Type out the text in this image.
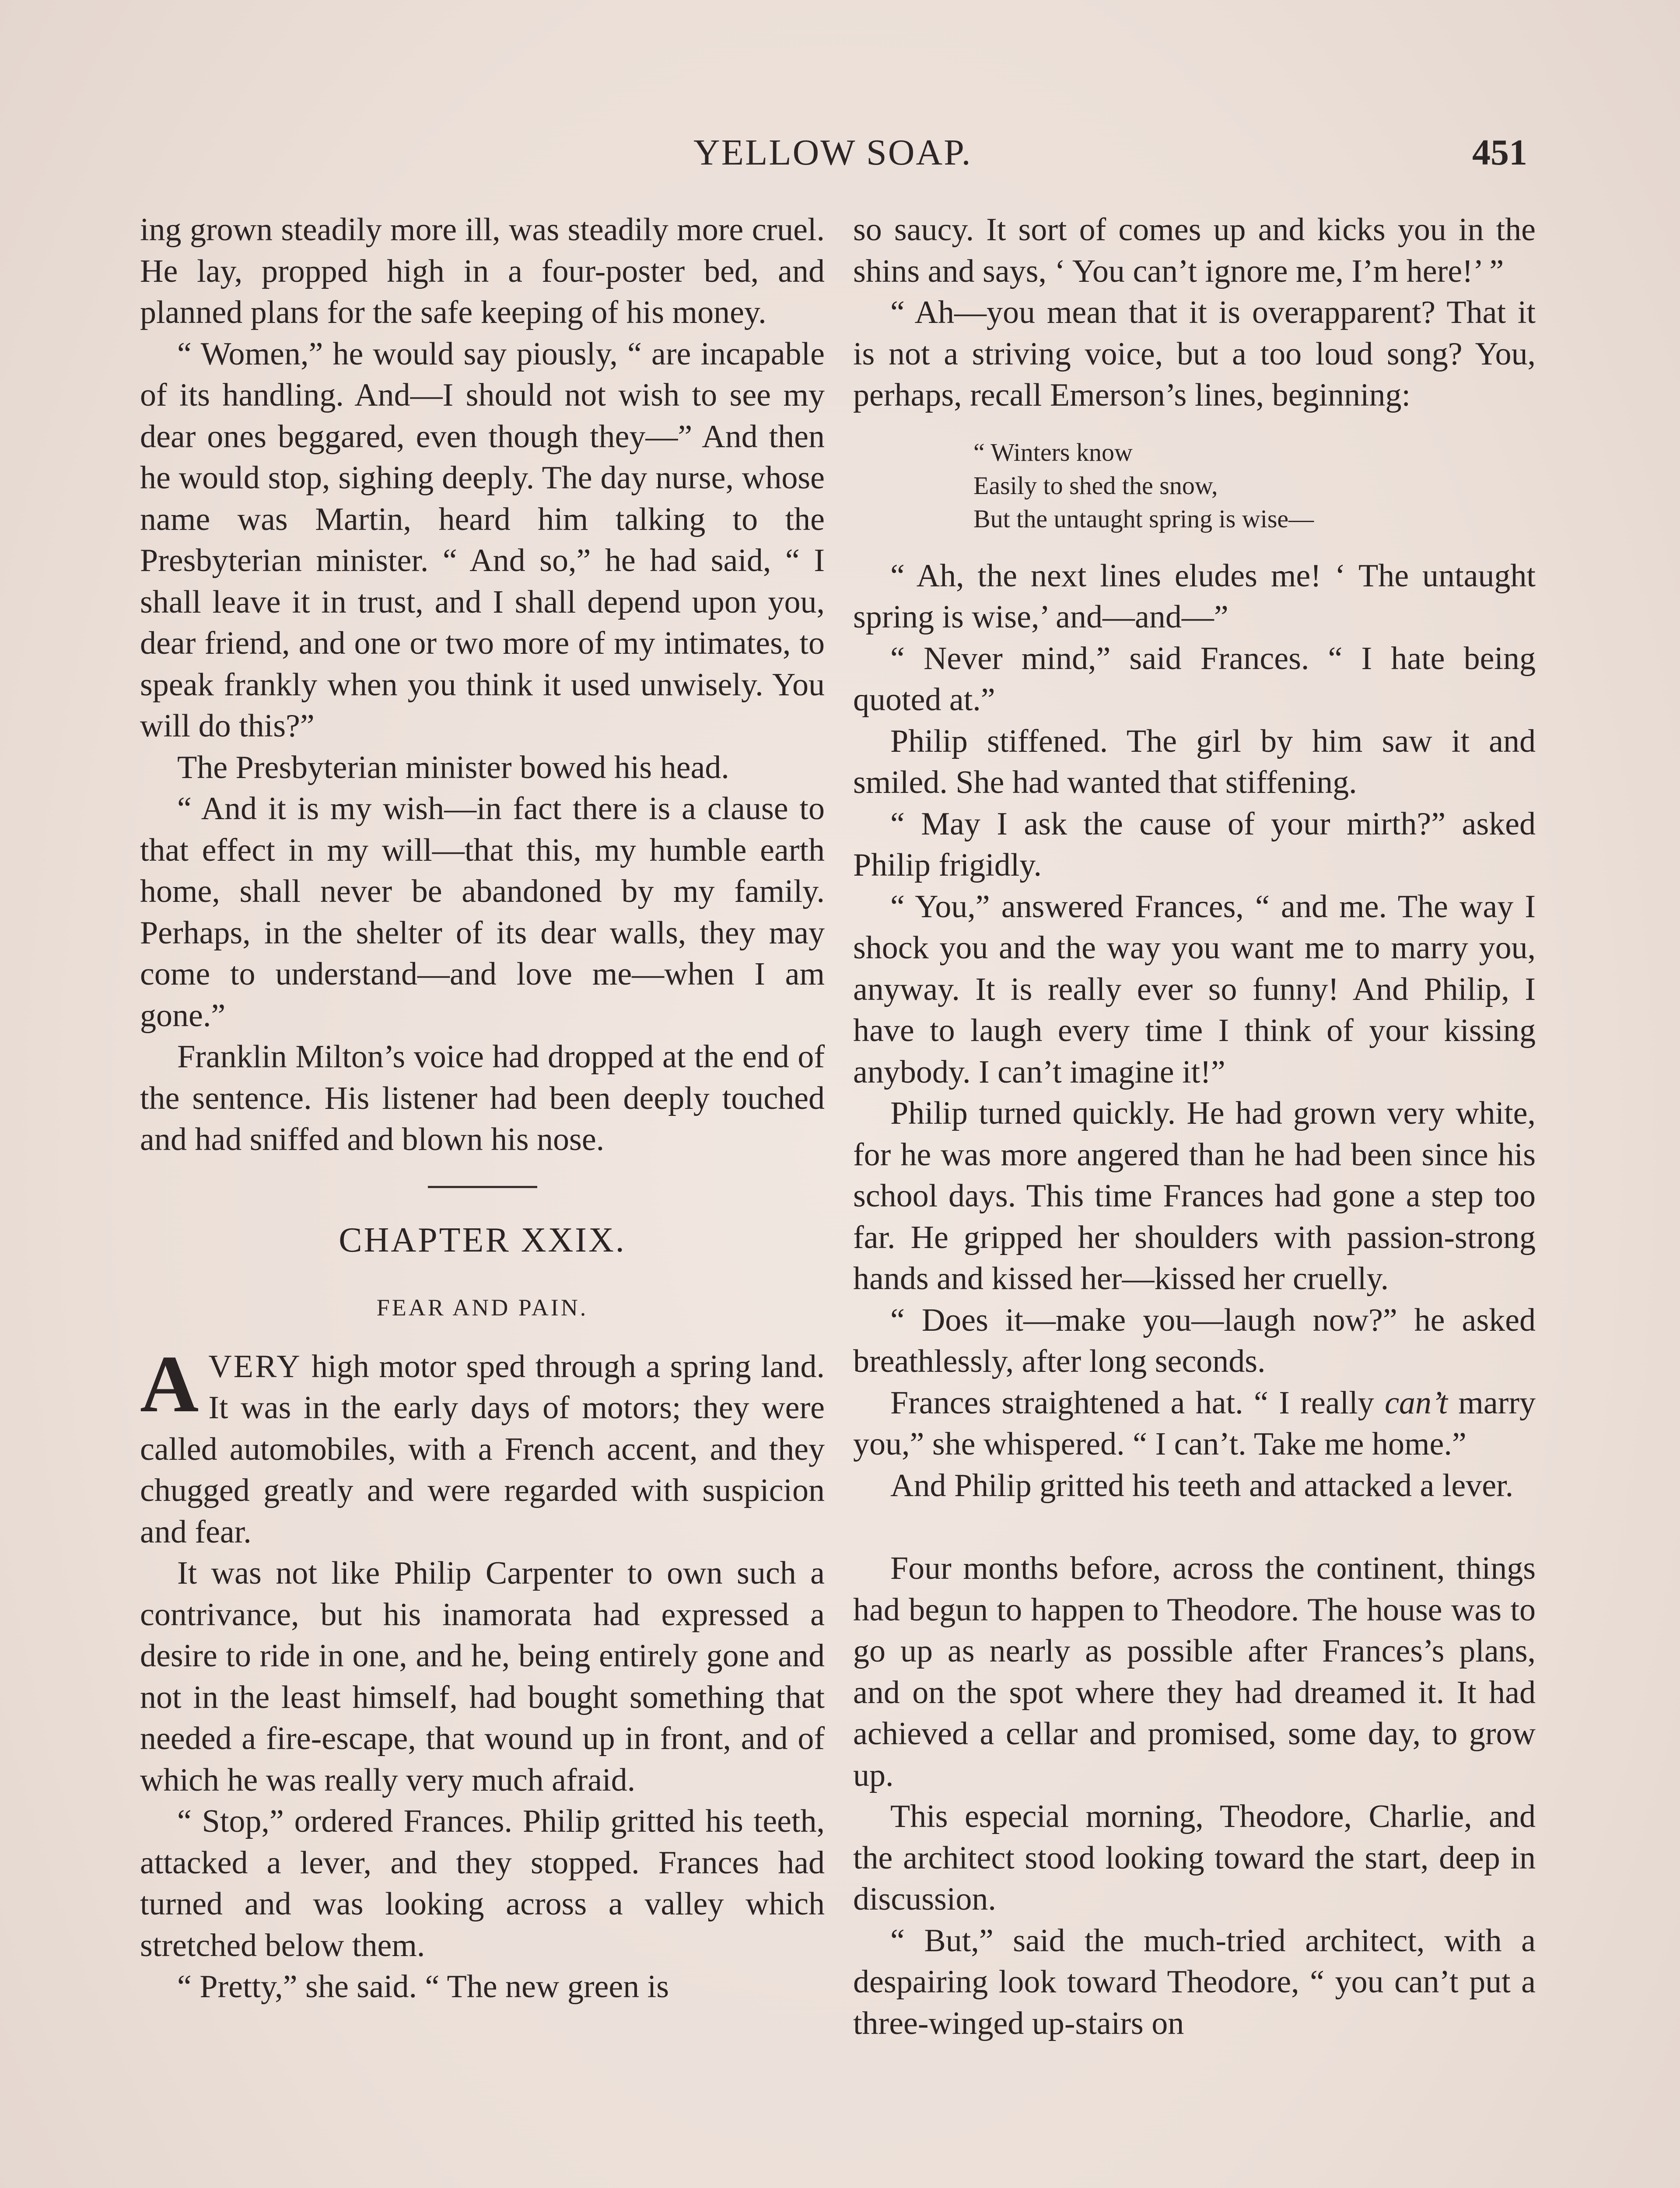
YELLOW SOAP.	451

ing grown steadily more ill, was steadily more cruel. He lay, propped high in a four-poster bed, and planned plans for the safe keeping of his money.

“ Women,” he would say piously, “ are incapable of its handling. And—I should not wish to see my dear ones beggared, even though they—” And then he would stop, sighing deeply. The day nurse, whose name was Martin, heard him talking to the Presbyterian minister. “ And so,” he had said, “ I shall leave it in trust, and I shall depend upon you, dear friend, and one or two more of my intimates, to speak frankly when you think it used unwisely. You will do this?”

The Presbyterian minister bowed his head.

“ And it is my wish—in fact there is a clause to that effect in my will—that this, my humble earth home, shall never be abandoned by my family. Perhaps, in the shelter of its dear walls, they may come to understand—and love me—when I am gone.”

Franklin Milton’s voice had dropped at the end of the sentence. His listener had been deeply touched and had sniffed and blown his nose.

CHAPTER XXIX.
FEAR AND PAIN.

AVERY high motor sped through a spring land. It was in the early days of motors; they were called automobiles, with a French accent, and they chugged greatly and were regarded with suspicion and fear.

It was not like Philip Carpenter to own such a contrivance, but his inamorata had expressed a desire to ride in one, and he, being entirely gone and not in the least himself, had bought something that needed a fire-escape, that wound up in front, and of which he was really very much afraid.

“ Stop,” ordered Frances. Philip gritted his teeth, attacked a lever, and they stopped. Frances had turned and was looking across a valley which stretched below them.

“ Pretty,” she said. “ The new green is

so saucy. It sort of comes up and kicks you in the shins and says, ‘ You can’t ignore me, I’m here!’ ”

“ Ah—you mean that it is overapparent? That it is not a striving voice, but a too loud song? You, perhaps, recall Emerson’s lines, beginning:

“ Winters know
Easily to shed the snow,
But the untaught spring is wise—

“ Ah, the next lines eludes me! ‘ The untaught spring is wise,’ and—and—”

“ Never mind,” said Frances. “ I hate being quoted at.”

Philip stiffened. The girl by him saw it and smiled. She had wanted that stiffening.

“ May I ask the cause of your mirth?” asked Philip frigidly.

“ You,” answered Frances, “ and me. The way I shock you and the way you want me to marry you, anyway. It is really ever so funny! And Philip, I have to laugh every time I think of your kissing anybody. I can’t imagine it!”

Philip turned quickly. He had grown very white, for he was more angered than he had been since his school days. This time Frances had gone a step too far. He gripped her shoulders with passion-strong hands and kissed her—kissed her cruelly.

“ Does it—make you—laugh now?” he asked breathlessly, after long seconds.

Frances straightened a hat. “ I really can’t marry you,” she whispered. “ I can’t. Take me home.”

And Philip gritted his teeth and attacked a lever.

Four months before, across the continent, things had begun to happen to Theodore. The house was to go up as nearly as possible after Frances’s plans, and on the spot where they had dreamed it. It had achieved a cellar and promised, some day, to grow up.

This especial morning, Theodore, Charlie, and the architect stood looking toward the start, deep in discussion.

“ But,” said the much-tried architect, with a despairing look toward Theodore, “ you can’t put a three-winged up-stairs on
